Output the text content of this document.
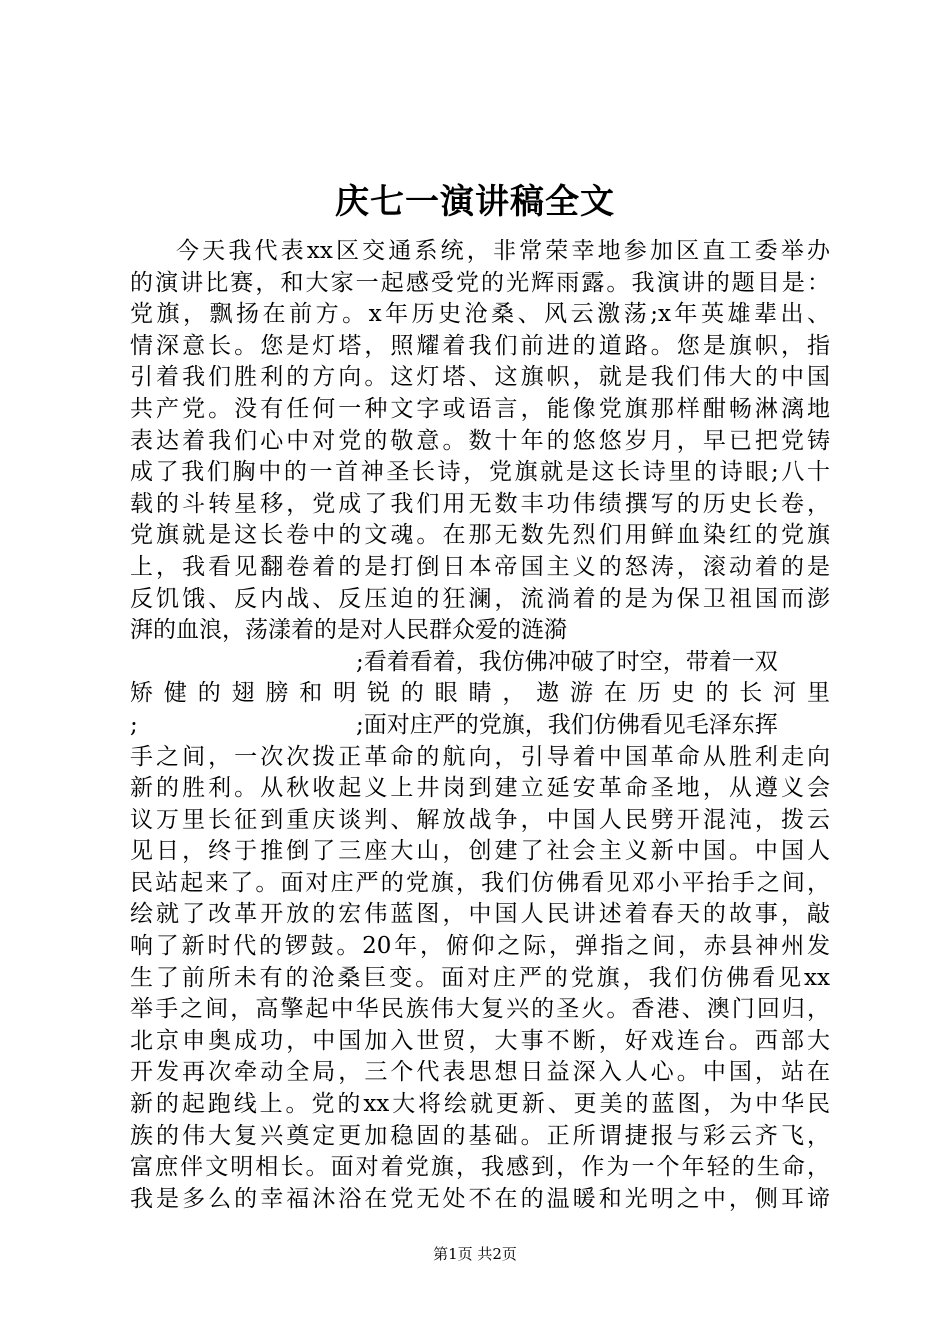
庆七一演讲稿全文
今天我代表xx区交通系统，非常荣幸地参加区直工委举办
的演讲比赛，和大家一起感受党的光辉雨露。我演讲的题目是：
党旗，飘扬在前方。x年历史沧桑、风云激荡;x年英雄辈出、
情深意长。您是灯塔，照耀着我们前进的道路。您是旗帜，指
引着我们胜利的方向。这灯塔、这旗帜，就是我们伟大的中国
共产党。没有任何一种文字或语言，能像党旗那样酣畅淋漓地
表达着我们心中对党的敬意。数十年的悠悠岁月，早已把党铸
成了我们胸中的一首神圣长诗，党旗就是这长诗里的诗眼;八十
载的斗转星移，党成了我们用无数丰功伟绩撰写的历史长卷，
党旗就是这长卷中的文魂。在那无数先烈们用鲜血染红的党旗
上，我看见翻卷着的是打倒日本帝国主义的怒涛，滚动着的是
反饥饿、反内战、反压迫的狂澜，流淌着的是为保卫祖国而澎
湃的血浪，荡漾着的是对人民群众爱的涟漪
;看着看着，我仿佛冲破了时空，带着一双
矫健的翅膀和明锐的眼睛，遨游在历史的长河里
;	;面对庄严的党旗，我们仿佛看见毛泽东挥
手之间，一次次拨正革命的航向，引导着中国革命从胜利走向
新的胜利。从秋收起义上井岗到建立延安革命圣地，从遵义会
议万里长征到重庆谈判、解放战争，中国人民劈开混沌，拨云
见日，终于推倒了三座大山，创建了社会主义新中国。中国人
民站起来了。面对庄严的党旗，我们仿佛看见邓小平抬手之间，
绘就了改革开放的宏伟蓝图，中国人民讲述着春天的故事，敲
响了新时代的锣鼓。20年，俯仰之际，弹指之间，赤县神州发
生了前所未有的沧桑巨变。面对庄严的党旗，我们仿佛看见xx
举手之间，高擎起中华民族伟大复兴的圣火。香港、澳门回归，
北京申奥成功，中国加入世贸，大事不断，好戏连台。西部大
开发再次牵动全局，三个代表思想日益深入人心。中国，站在
新的起跑线上。党的xx大将绘就更新、更美的蓝图，为中华民
族的伟大复兴奠定更加稳固的基础。正所谓捷报与彩云齐飞，
富庶伴文明相长。面对着党旗，我感到，作为一个年轻的生命，
我是多么的幸福沐浴在党无处不在的温暖和光明之中，侧耳谛
第1页 共2页
